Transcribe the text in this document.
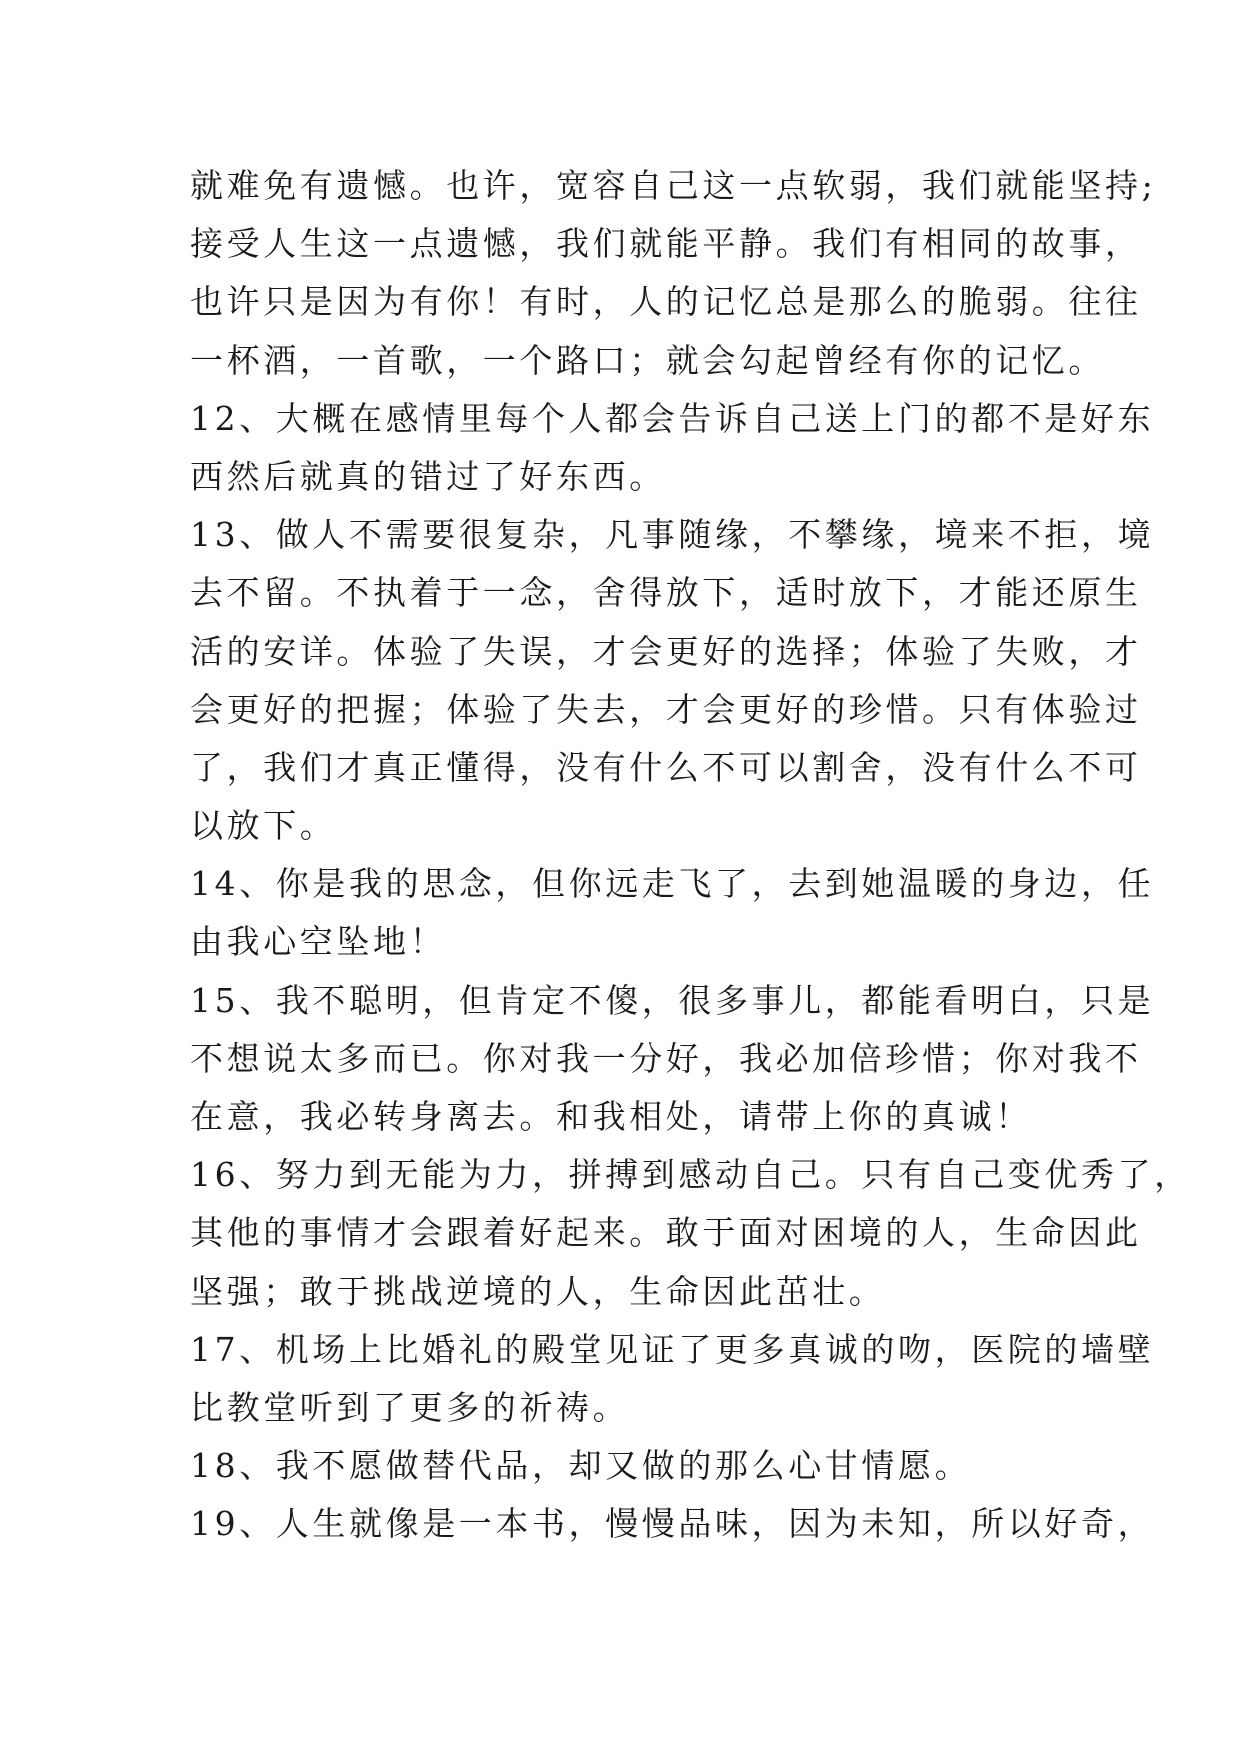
就难免有遗憾。也许，宽容自己这一点软弱，我们就能坚持;
接受人生这一点遗憾，我们就能平静。我们有相同的故事，
也许只是因为有你！有时，人的记忆总是那么的脆弱。往往
一杯酒，一首歌，一个路口；就会勾起曾经有你的记忆。
12、大概在感情里每个人都会告诉自己送上门的都不是好东
西然后就真的错过了好东西。
13、做人不需要很复杂，凡事随缘，不攀缘，境来不拒，境
去不留。不执着于一念，舍得放下，适时放下，才能还原生
活的安详。体验了失误，才会更好的选择；体验了失败，才
会更好的把握；体验了失去，才会更好的珍惜。只有体验过
了，我们才真正懂得，没有什么不可以割舍，没有什么不可
以放下。
14、你是我的思念，但你远走飞了，去到她温暖的身边，任
由我心空坠地！
15、我不聪明，但肯定不傻，很多事儿，都能看明白，只是
不想说太多而已。你对我一分好，我必加倍珍惜；你对我不
在意，我必转身离去。和我相处，请带上你的真诚！
16、努力到无能为力，拼搏到感动自己。只有自己变优秀了，
其他的事情才会跟着好起来。敢于面对困境的人，生命因此
坚强；敢于挑战逆境的人，生命因此茁壮。
17、机场上比婚礼的殿堂见证了更多真诚的吻，医院的墙壁
比教堂听到了更多的祈祷。
18、我不愿做替代品，却又做的那么心甘情愿。
19、人生就像是一本书，慢慢品味，因为未知，所以好奇，
